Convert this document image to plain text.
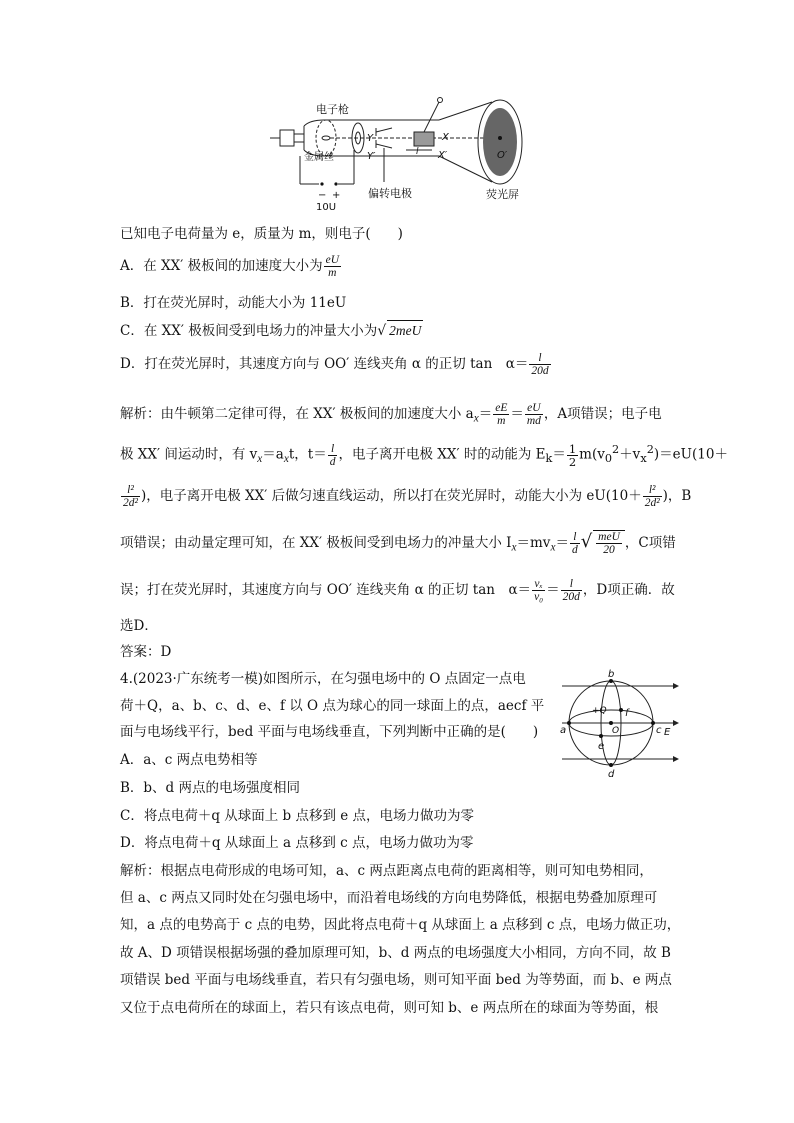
电子枪
金属丝
Y
Y′
X
X′
l	O′
偏转电极	荧光屏
− +
10U
已知电子电荷量为 e，质量为 m，则电子(　　)
A．在 XX′ 极板间的加速度大小为 $\frac{eU}{m}$
B．打在荧光屏时，动能大小为 11eU
C．在 XX′ 极板间受到电场力的冲量大小为√ 2meU
D．打在荧光屏时，其速度方向与 OO′ 连线夹角 α 的正切 tan　$\alpha= \frac{l}{20d}$
解析：由牛顿第二定律可得，在 XX′ 极板间的加速度大小 $a_x= \frac{eE}{m} = \frac{eU}{md}$ ，A项错误；电子电
极 XX′ 间运动时，有 $v_x=a_xt$，$t= \frac{l}{d}$ ，电子离开电极 XX′ 时的动能为 $E_k= \frac{1}{2} m(v_0^2+v_x^2)=eU(10+$
$\frac{\text{l²}}{\text{2d²}}$ )，电子离开电极 XX′ 后做匀速直线运动，所以打在荧光屏时，动能大小为 $eU(10+ \frac{\text{l²}}{\text{2d²}}$ )，B
项错误；由动量定理可知，在 XX′ 极板间受到电场力的冲量大小 $I_x=mv_x= \frac{l}{d}$ √ $\frac{\text{meU}}{20}$ ，C项错
误；打在荧光屏时，其速度方向与 OO′ 连线夹角 α 的正切 tan　$\alpha= \frac{\text{vₓ}}{\text{v₀}} = \frac{l}{20d}$ ，D项正确．故
选D．
答案：D
4.(2023·广东统考一模)如图所示，在匀强电场中的 O 点固定一点电
荷＋Q，a、b、c、d、e、f 以 O 点为球心的同一球面上的点，aecf 平
面与电场线平行，bed 平面与电场线垂直，下列判断中正确的是(　　)
A．a、c 两点电势相等
B．b、d 两点的电场强度相同
C．将点电荷＋q 从球面上 b 点移到 e 点，电场力做功为零
D．将点电荷＋q 从球面上 a 点移到 c 点，电场力做功为零
解析：根据点电荷形成的电场可知，a、c 两点距离点电荷的距离相等，则可知电势相同，
但 a、c 两点又同时处在匀强电场中，而沿着电场线的方向电势降低，根据电势叠加原理可
知，a 点的电势高于 c 点的电势，因此将点电荷＋q 从球面上 a 点移到 c 点，电场力做正功，
故 A、D 项错误根据场强的叠加原理可知，b、d 两点的电场强度大小相同，方向不同，故 B
项错误 bed 平面与电场线垂直，若只有匀强电场，则可知平面 bed 为等势面，而 b、e 两点
又位于点电荷所在的球面上，若只有该点电荷，则可知 b、e 两点所在的球面为等势面，根
b
d
a	c
e
f
O
+Q
E
